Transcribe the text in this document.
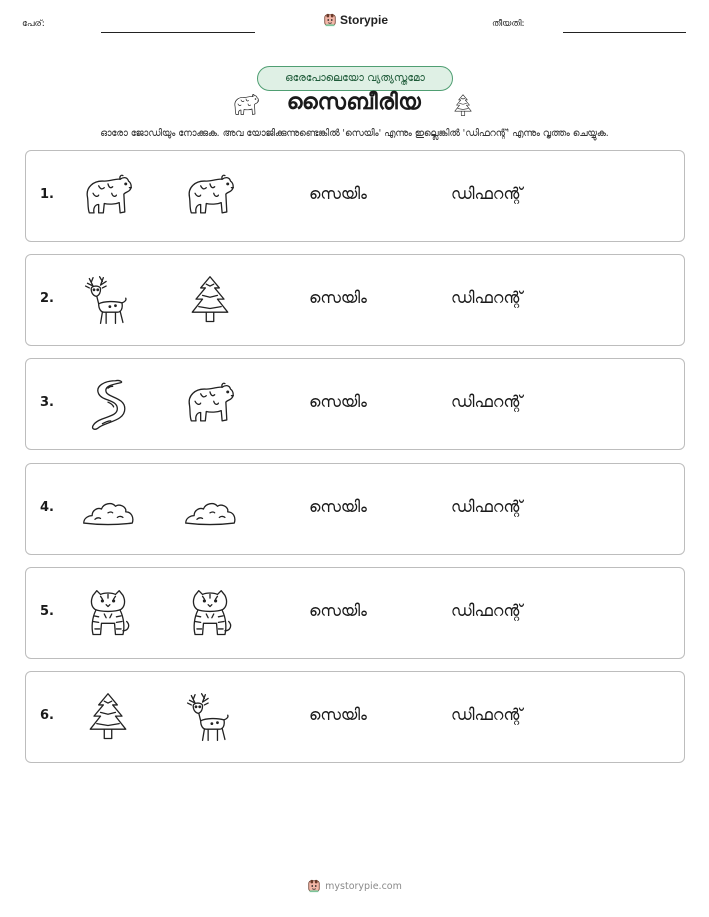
പേര്:	Storypie	തീയതി:
ഒരേപോലെയോ വ്യത്യസ്തമോ
സൈബീരിയ

ഓരോ ജോഡിയും നോക്കുക. അവ യോജിക്കുന്നുണ്ടെങ്കിൽ 'സെയിം' എന്നും ഇല്ലെങ്കിൽ 'ഡിഫറന്റ്' എന്നും വൃത്തം ചെയ്യുക.

1.	സെയിം	ഡിഫറന്റ്
2.	സെയിം	ഡിഫറന്റ്
3.	സെയിം	ഡിഫറന്റ്
4.	സെയിം	ഡിഫറന്റ്
5.	സെയിം	ഡിഫറന്റ്
6.	സെയിം	ഡിഫറന്റ്
mystorypie.com
